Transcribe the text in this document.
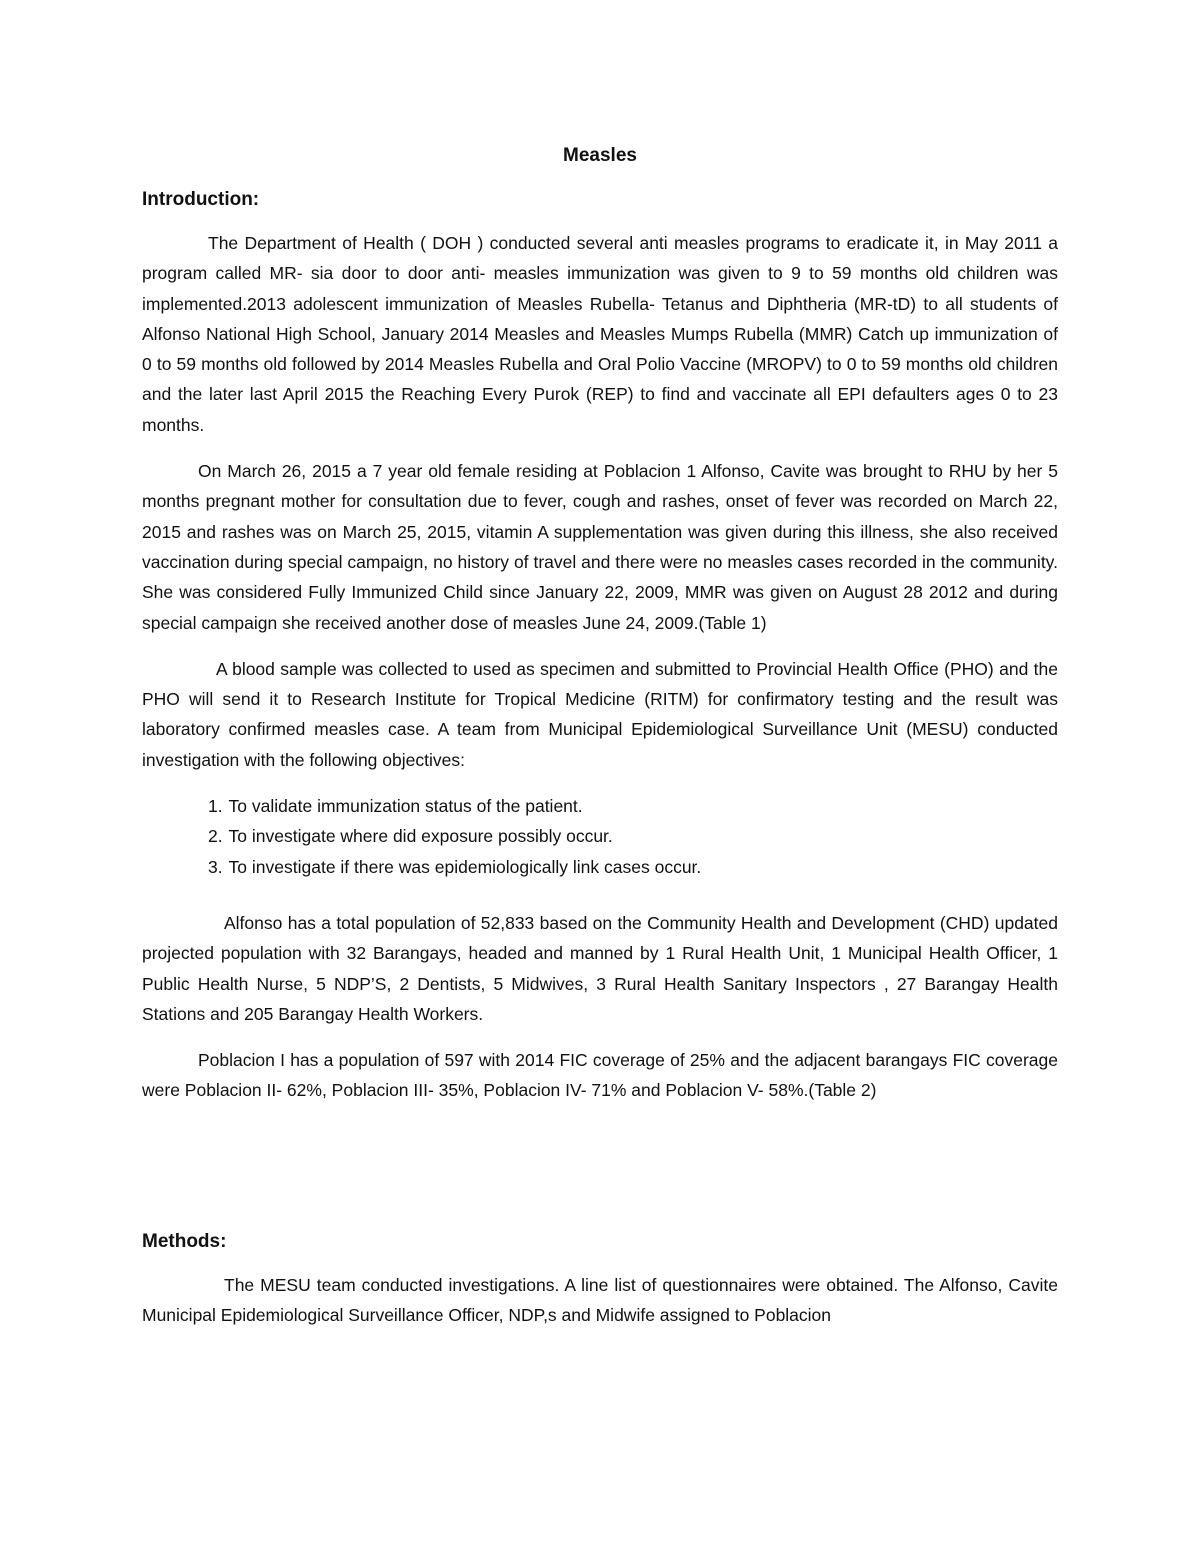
Measles
Introduction:

The Department of Health ( DOH ) conducted several anti measles programs to eradicate it, in May 2011 a program called MR- sia door to door anti- measles immunization was given to 9 to 59 months old children was implemented.2013 adolescent immunization of Measles Rubella- Tetanus and Diphtheria (MR-tD) to all students of Alfonso National High School, January 2014 Measles and Measles Mumps Rubella (MMR) Catch up immunization of 0 to 59 months old followed by 2014 Measles Rubella and Oral Polio Vaccine (MROPV) to 0 to 59 months old children and the later last April 2015 the Reaching Every Purok (REP) to find and vaccinate all EPI defaulters ages 0 to 23 months.

On March 26, 2015 a 7 year old female residing at Poblacion 1 Alfonso, Cavite was brought to RHU by her 5 months pregnant mother for consultation due to fever, cough and rashes, onset of fever was recorded on March 22, 2015 and rashes was on March 25, 2015, vitamin A supplementation was given during this illness, she also received vaccination during special campaign, no history of travel and there were no measles cases recorded in the community. She was considered Fully Immunized Child since January 22, 2009, MMR was given on August 28 2012 and during special campaign she received another dose of measles June 24, 2009.(Table 1)

A blood sample was collected to used as specimen and submitted to Provincial Health Office (PHO) and the PHO will send it to Research Institute for Tropical Medicine (RITM) for confirmatory testing and the result was laboratory confirmed measles case. A team from Municipal Epidemiological Surveillance Unit (MESU) conducted investigation with the following objectives:

1. To validate immunization status of the patient.
2. To investigate where did exposure possibly occur.
3. To investigate if there was epidemiologically link cases occur.

Alfonso has a total population of 52,833 based on the Community Health and Development (CHD) updated projected population with 32 Barangays, headed and manned by 1 Rural Health Unit, 1 Municipal Health Officer, 1 Public Health Nurse, 5 NDP’S, 2 Dentists, 5 Midwives, 3 Rural Health Sanitary Inspectors , 27 Barangay Health Stations and 205 Barangay Health Workers.

Poblacion I has a population of 597 with 2014 FIC coverage of 25% and the adjacent barangays FIC coverage were Poblacion II- 62%, Poblacion III- 35%, Poblacion IV- 71% and Poblacion V- 58%.(Table 2)

Methods:

The MESU team conducted investigations. A line list of questionnaires were obtained. The Alfonso, Cavite Municipal Epidemiological Surveillance Officer, NDP,s and Midwife assigned to Poblacion
